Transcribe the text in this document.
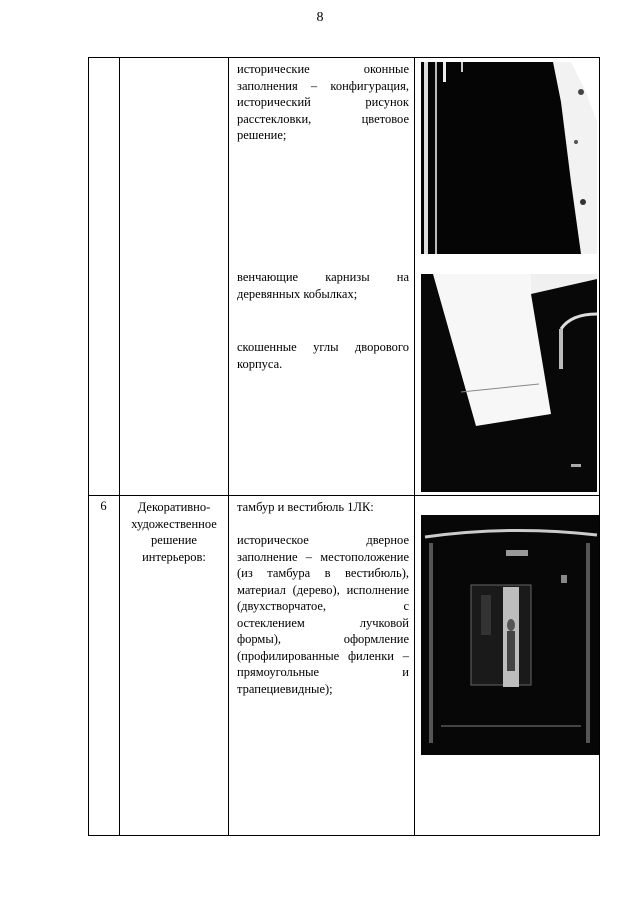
8
исторические оконные
заполнения – конфигурация,
исторический рисунок
расстекловки, цветовое
решение;
венчающие карнизы на
деревянных кобылках;
скошенные углы дворового
корпуса.
6	Декоративно-
художественное
решение
интерьеров:
тамбур и вестибюль 1ЛК:
историческое дверное
заполнение – местоположение
(из тамбура в вестибюль),
материал (дерево), исполнение
(двухстворчатое, с
остеклением лучковой
формы), оформление
(профилированные филенки –
прямоугольные и
трапециевидные);
